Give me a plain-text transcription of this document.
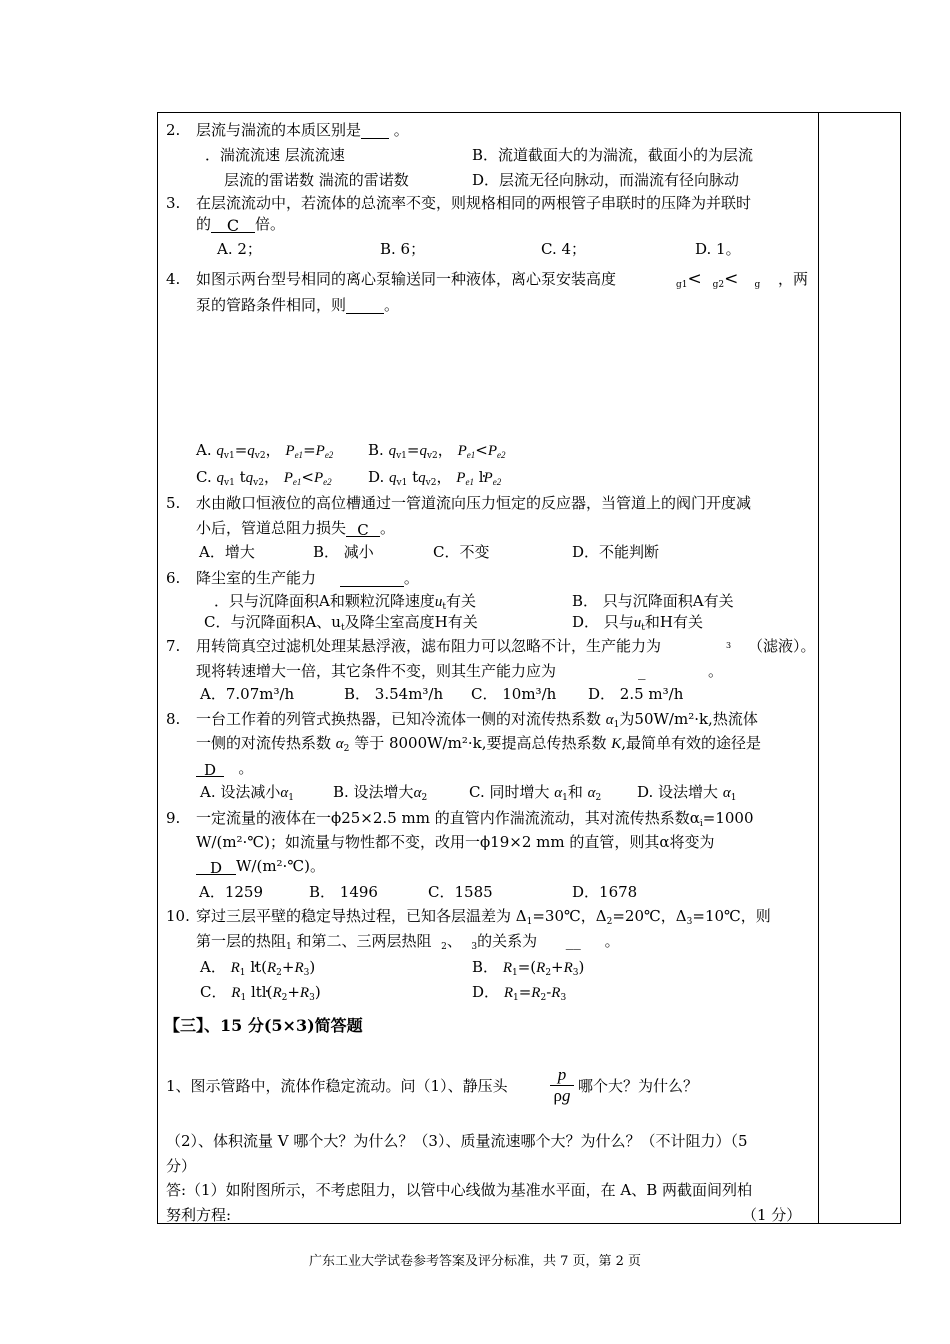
2. 层流与湍流的本质区别是 。
．湍流流速 层流流速	B．流道截面大的为湍流，截面小的为层流
层流的雷诺数 湍流的雷诺数	D．层流无径向脉动，而湍流有径向脉动
3. 在层流流动中，若流体的总流率不变，则规格相同的两根管子串联时的压降为并联时
的 C 倍。
A. 2；	B. 6；	C. 4；	D. 1。
4. 如图示两台型号相同的离心泵输送同一种液体，离心泵安装高度	$_{g1}$< $_{g2}$< $_g$ ，两
泵的管路条件相同，则	。
A. $q_{v1}=q_{v2}$， $P_{e1}=P_{e2}$ B. $q_{v1}=q_{v2}$， $P_{e1}<P_{e2}$
C. $q_{v1}$ $tq_{v2}$， $P_{e1}<P_{e2}$ D. $q_{v1}$ $tq_{v2}$， $P_{e1}$ $ŀP_{e2}$
5. 水由敞口恒液位的高位槽通过一管道流向压力恒定的反应器，当管道上的阀门开度减
小后，管道总阻力损失 C 。
A．增大	B． 减小	C．不变	D．不能判断
6. 降尘室的生产能力	。
．只与沉降面积A和颗粒沉降速度$u_t$有关	B． 只与沉降面积A有关
C．与沉降面积A、$u_t$及降尘室高度H有关	D． 只与$u_t$和H有关
7. 用转筒真空过滤机处理某悬浮液，滤布阻力可以忽略不计，生产能力为	3 （滤液）。
现将转速增大一倍，其它条件不变，则其生产能力应为	_	。
A．7.07m³/h	B． 3.54m³/h C． 10m³/h D． 2.5 m³/h
8. 一台工作着的列管式换热器，已知冷流体一侧的对流传热系数 $\alpha_1$为50W/m²·k,热流体
一侧的对流传热系数 $\alpha_2$ 等于 8000W/m²·k,要提高总传热系数 K,最简单有效的途径是
D 。
A. 设法减小$\alpha_1$	B. 设法增大$\alpha_2$	C. 同时增大 $\alpha_1$和 $\alpha_2$ D. 设法增大 $\alpha_1$
9. 一定流量的液体在一ϕ25×2.5 mm 的直管内作湍流流动，其对流传热系数$\alpha_i=1000$
W/(m²·℃)；如流量与物性都不变，改用一ϕ19×2 mm 的直管，则其α将变为
D W/(m²·℃)。
A．1259	B． 1496	C．1585	D．1678
10. 穿过三层平壁的稳定导热过程，已知各层温差为 $\Delta_1=30℃$，$\Delta_2=20℃$，$\Delta_3=10℃$，则
第一层的热阻$_1$ 和第二、三两层热阻 $_2$、 $_3$的关系为 __ 。
A． $R_1$ $ŀt(R_2+R_3)$	B． $R_1=(R_2+R_3)$
C． $R_1$ $ltŀ(R_2+R_3)$	D． $R_1=R_2-R_3$
【三】、15 分(5×3)简答题
1、图示管路中，流体作稳定流动。问（1）、静压头
p
ρg 哪个大？为什么？
（2）、体积流量 V 哪个大？为什么？（3）、质量流速哪个大？为什么？（不计阻力）（5
分）
答:（1）如附图所示，不考虑阻力，以管中心线做为基准水平面，在 A、B 两截面间列柏
努利方程:	（1 分）
广东工业大学试卷参考答案及评分标准，共 7 页，第 2 页
